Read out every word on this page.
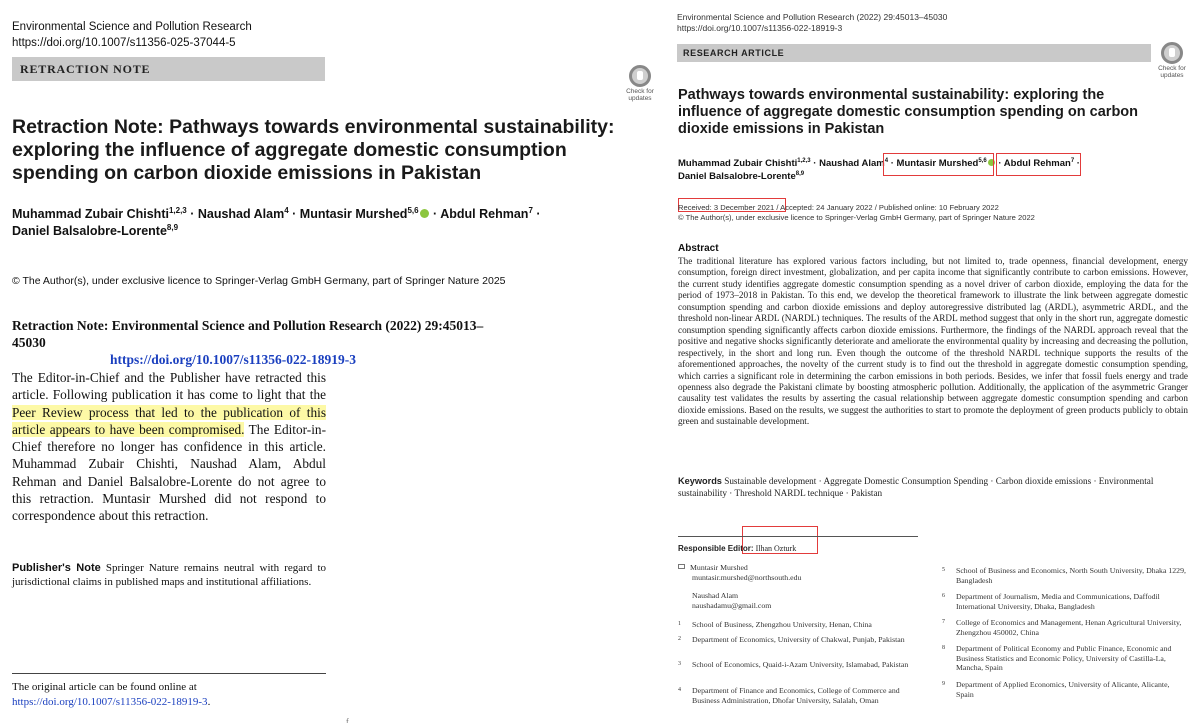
Environmental Science and Pollution Research
https://doi.org/10.1007/s11356-025-37044-5
RETRACTION NOTE
Check for
updates
Retraction Note: Pathways towards environmental sustainability: exploring the influence of aggregate domestic consumption spending on carbon dioxide emissions in Pakistan
Muhammad Zubair Chishti$^{1,2,3}$ · Naushad Alam$^4$ · Muntasir Murshed$^{5,6}$ · Abdul Rehman$^7$ ·
Daniel Balsalobre-Lorente$^{8,9}$
© The Author(s), under exclusive licence to Springer-Verlag GmbH Germany, part of Springer Nature 2025
Retraction Note: Environmental Science and Pollution Research (2022) 29:45013–45030
https://doi.org/10.1007/s11356-022-18919-3
The Editor-in-Chief and the Publisher have retracted this article. Following publication it has come to light that the Peer Review process that led to the publication of this article appears to have been compromised. The Editor-in-Chief therefore no longer has confidence in this article. Muhammad Zubair Chishti, Naushad Alam, Abdul Rehman and Daniel Balsalobre-Lorente do not agree to this retraction. Muntasir Murshed did not respond to correspondence about this retraction.
Publisher's Note Springer Nature remains neutral with regard to jurisdictional claims in published maps and institutional affiliations.
The original article can be found online at https://doi.org/10.1007/s11356-022-18919-3.
f
Environmental Science and Pollution Research (2022) 29:45013–45030
https://doi.org/10.1007/s11356-022-18919-3
RESEARCH ARTICLE
Check for
updates
Pathways towards environmental sustainability: exploring the influence of aggregate domestic consumption spending on carbon dioxide emissions in Pakistan
Muhammad Zubair Chishti$^{1,2,3}$ · Naushad Alam$^4$ · Muntasir Murshed$^{5,6}$ · Abdul Rehman$^7$ ·
Daniel Balsalobre-Lorente$^{8,9}$
Received: 3 December 2021 / Accepted: 24 January 2022 / Published online: 10 February 2022
© The Author(s), under exclusive licence to Springer-Verlag GmbH Germany, part of Springer Nature 2022
Abstract
The traditional literature has explored various factors including, but not limited to, trade openness, financial development, energy consumption, foreign direct investment, globalization, and per capita income that significantly contribute to carbon emissions. However, the current study identifies aggregate domestic consumption spending as a novel driver of carbon dioxide, employing the data for the period of 1973–2018 in Pakistan. To this end, we develop the theoretical framework to illustrate the link between aggregate domestic consumption spending and carbon dioxide emissions and deploy autoregressive distributed lag (ARDL), asymmetric ARDL, and the threshold non-linear ARDL (NARDL) techniques. The results of the ARDL method suggest that only in the short run, aggregate domestic consumption spending significantly affects carbon dioxide emissions. Furthermore, the findings of the NARDL approach reveal that the positive and negative shocks significantly deteriorate and ameliorate the environmental quality by increasing and decreasing the pollution, respectively, in the short and long run. Even though the outcome of the threshold NARDL technique supports the results of the aforementioned approaches, the novelty of the current study is to find out the threshold in aggregate domestic consumption spending, which carries a significant role in determining the carbon emissions in both periods. Besides, we infer that fossil fuels energy and trade openness also degrade the Pakistani climate by boosting atmospheric pollution. Additionally, the application of the asymmetric Granger causality test validates the results by asserting the casual relationship between aggregate domestic consumption spending and carbon dioxide emissions. Based on the results, we suggest the authorities to start to promote the deployment of green products publicly to obtain green and sustainable development.
Keywords Sustainable development · Aggregate Domestic Consumption Spending · Carbon dioxide emissions · Environmental sustainability · Threshold NARDL technique · Pakistan
Responsible Editor: Ilhan Ozturk
Muntasir Murshed
muntasir.murshed@northsouth.edu
Naushad Alam
naushadamu@gmail.com
1 School of Business, Zhengzhou University, Henan, China
2 Department of Economics, University of Chakwal, Punjab, Pakistan
3 School of Economics, Quaid-i-Azam University, Islamabad, Pakistan
4 Department of Finance and Economics, College of Commerce and Business Administration, Dhofar University, Salalah, Oman
5 School of Business and Economics, North South University, Dhaka 1229, Bangladesh
6 Department of Journalism, Media and Communications, Daffodil International University, Dhaka, Bangladesh
7 College of Economics and Management, Henan Agricultural University, Zhengzhou 450002, China
8 Department of Political Economy and Public Finance, Economic and Business Statistics and Economic Policy, University of Castilla-La, Mancha, Spain
9 Department of Applied Economics, University of Alicante, Alicante, Spain
